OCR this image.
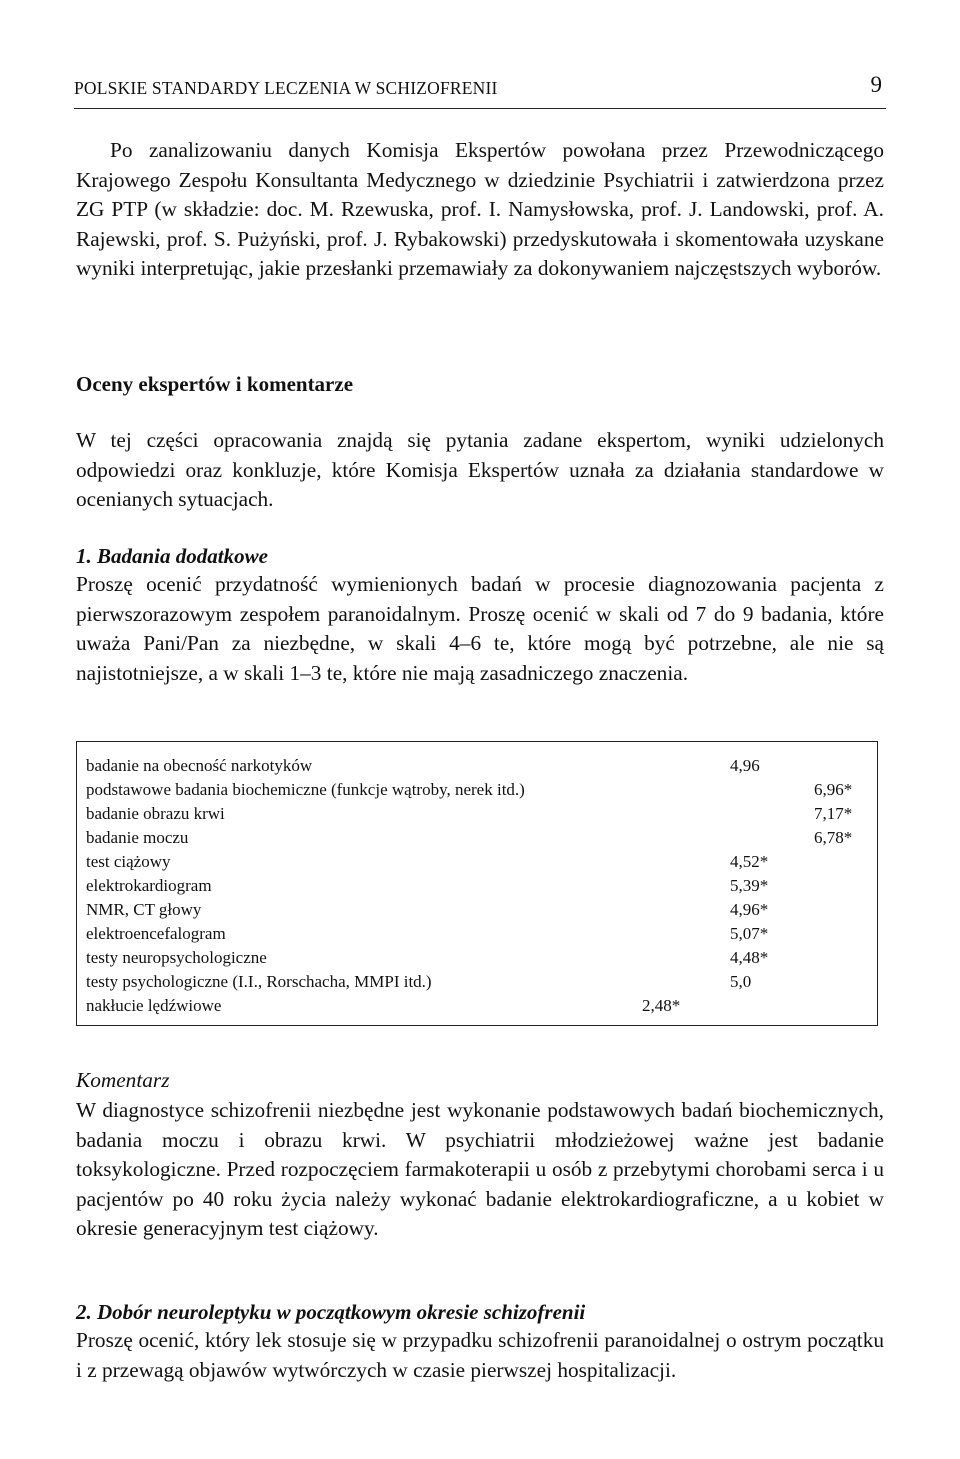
POLSKIE STANDARDY LECZENIA W SCHIZOFRENII	9

Po zanalizowaniu danych Komisja Ekspertów powołana przez Przewodniczącego Krajowego Zespołu Konsultanta Medycznego w dziedzinie Psychiatrii i zatwierdzona przez ZG PTP (w składzie: doc. M. Rzewuska, prof. I. Namysłowska, prof. J. Landowski, prof. A. Rajewski, prof. S. Pużyński, prof. J. Rybakowski) przedyskutowała i skomentowała uzyskane wyniki interpretując, jakie przesłanki przemawiały za dokonywaniem najczęstszych wyborów.

Oceny ekspertów i komentarze

W tej części opracowania znajdą się pytania zadane ekspertom, wyniki udzielonych odpowiedzi oraz konkluzje, które Komisja Ekspertów uznała za działania standardowe w ocenianych sytuacjach.

1. Badania dodatkowe

Proszę ocenić przydatność wymienionych badań w procesie diagnozowania pacjenta z pierwszorazowym zespołem paranoidalnym. Proszę ocenić w skali od 7 do 9 badania, które uważa Pani/Pan za niezbędne, w skali 4–6 te, które mogą być potrzebne, ale nie są najistotniejsze, a w skali 1–3 te, które nie mają zasadniczego znaczenia.

badanie na obecność narkotyków	4,96
podstawowe badania biochemiczne (funkcje wątroby, nerek itd.)	6,96*
badanie obrazu krwi	7,17*
badanie moczu	6,78*
test ciążowy	4,52*
elektrokardiogram	5,39*
NMR, CT głowy	4,96*
elektroencefalogram	5,07*
testy neuropsychologiczne	4,48*
testy psychologiczne (I.I., Rorschacha, MMPI itd.)	5,0
nakłucie lędźwiowe	2,48*

Komentarz

W diagnostyce schizofrenii niezbędne jest wykonanie podstawowych badań biochemicznych, badania moczu i obrazu krwi. W psychiatrii młodzieżowej ważne jest badanie toksykologiczne. Przed rozpoczęciem farmakoterapii u osób z przebytymi chorobami serca i u pacjentów po 40 roku życia należy wykonać badanie elektrokardiograficzne, a u kobiet w okresie generacyjnym test ciążowy.

2. Dobór neuroleptyku w początkowym okresie schizofrenii

Proszę ocenić, który lek stosuje się w przypadku schizofrenii paranoidalnej o ostrym początku i z przewagą objawów wytwórczych w czasie pierwszej hospitalizacji.
